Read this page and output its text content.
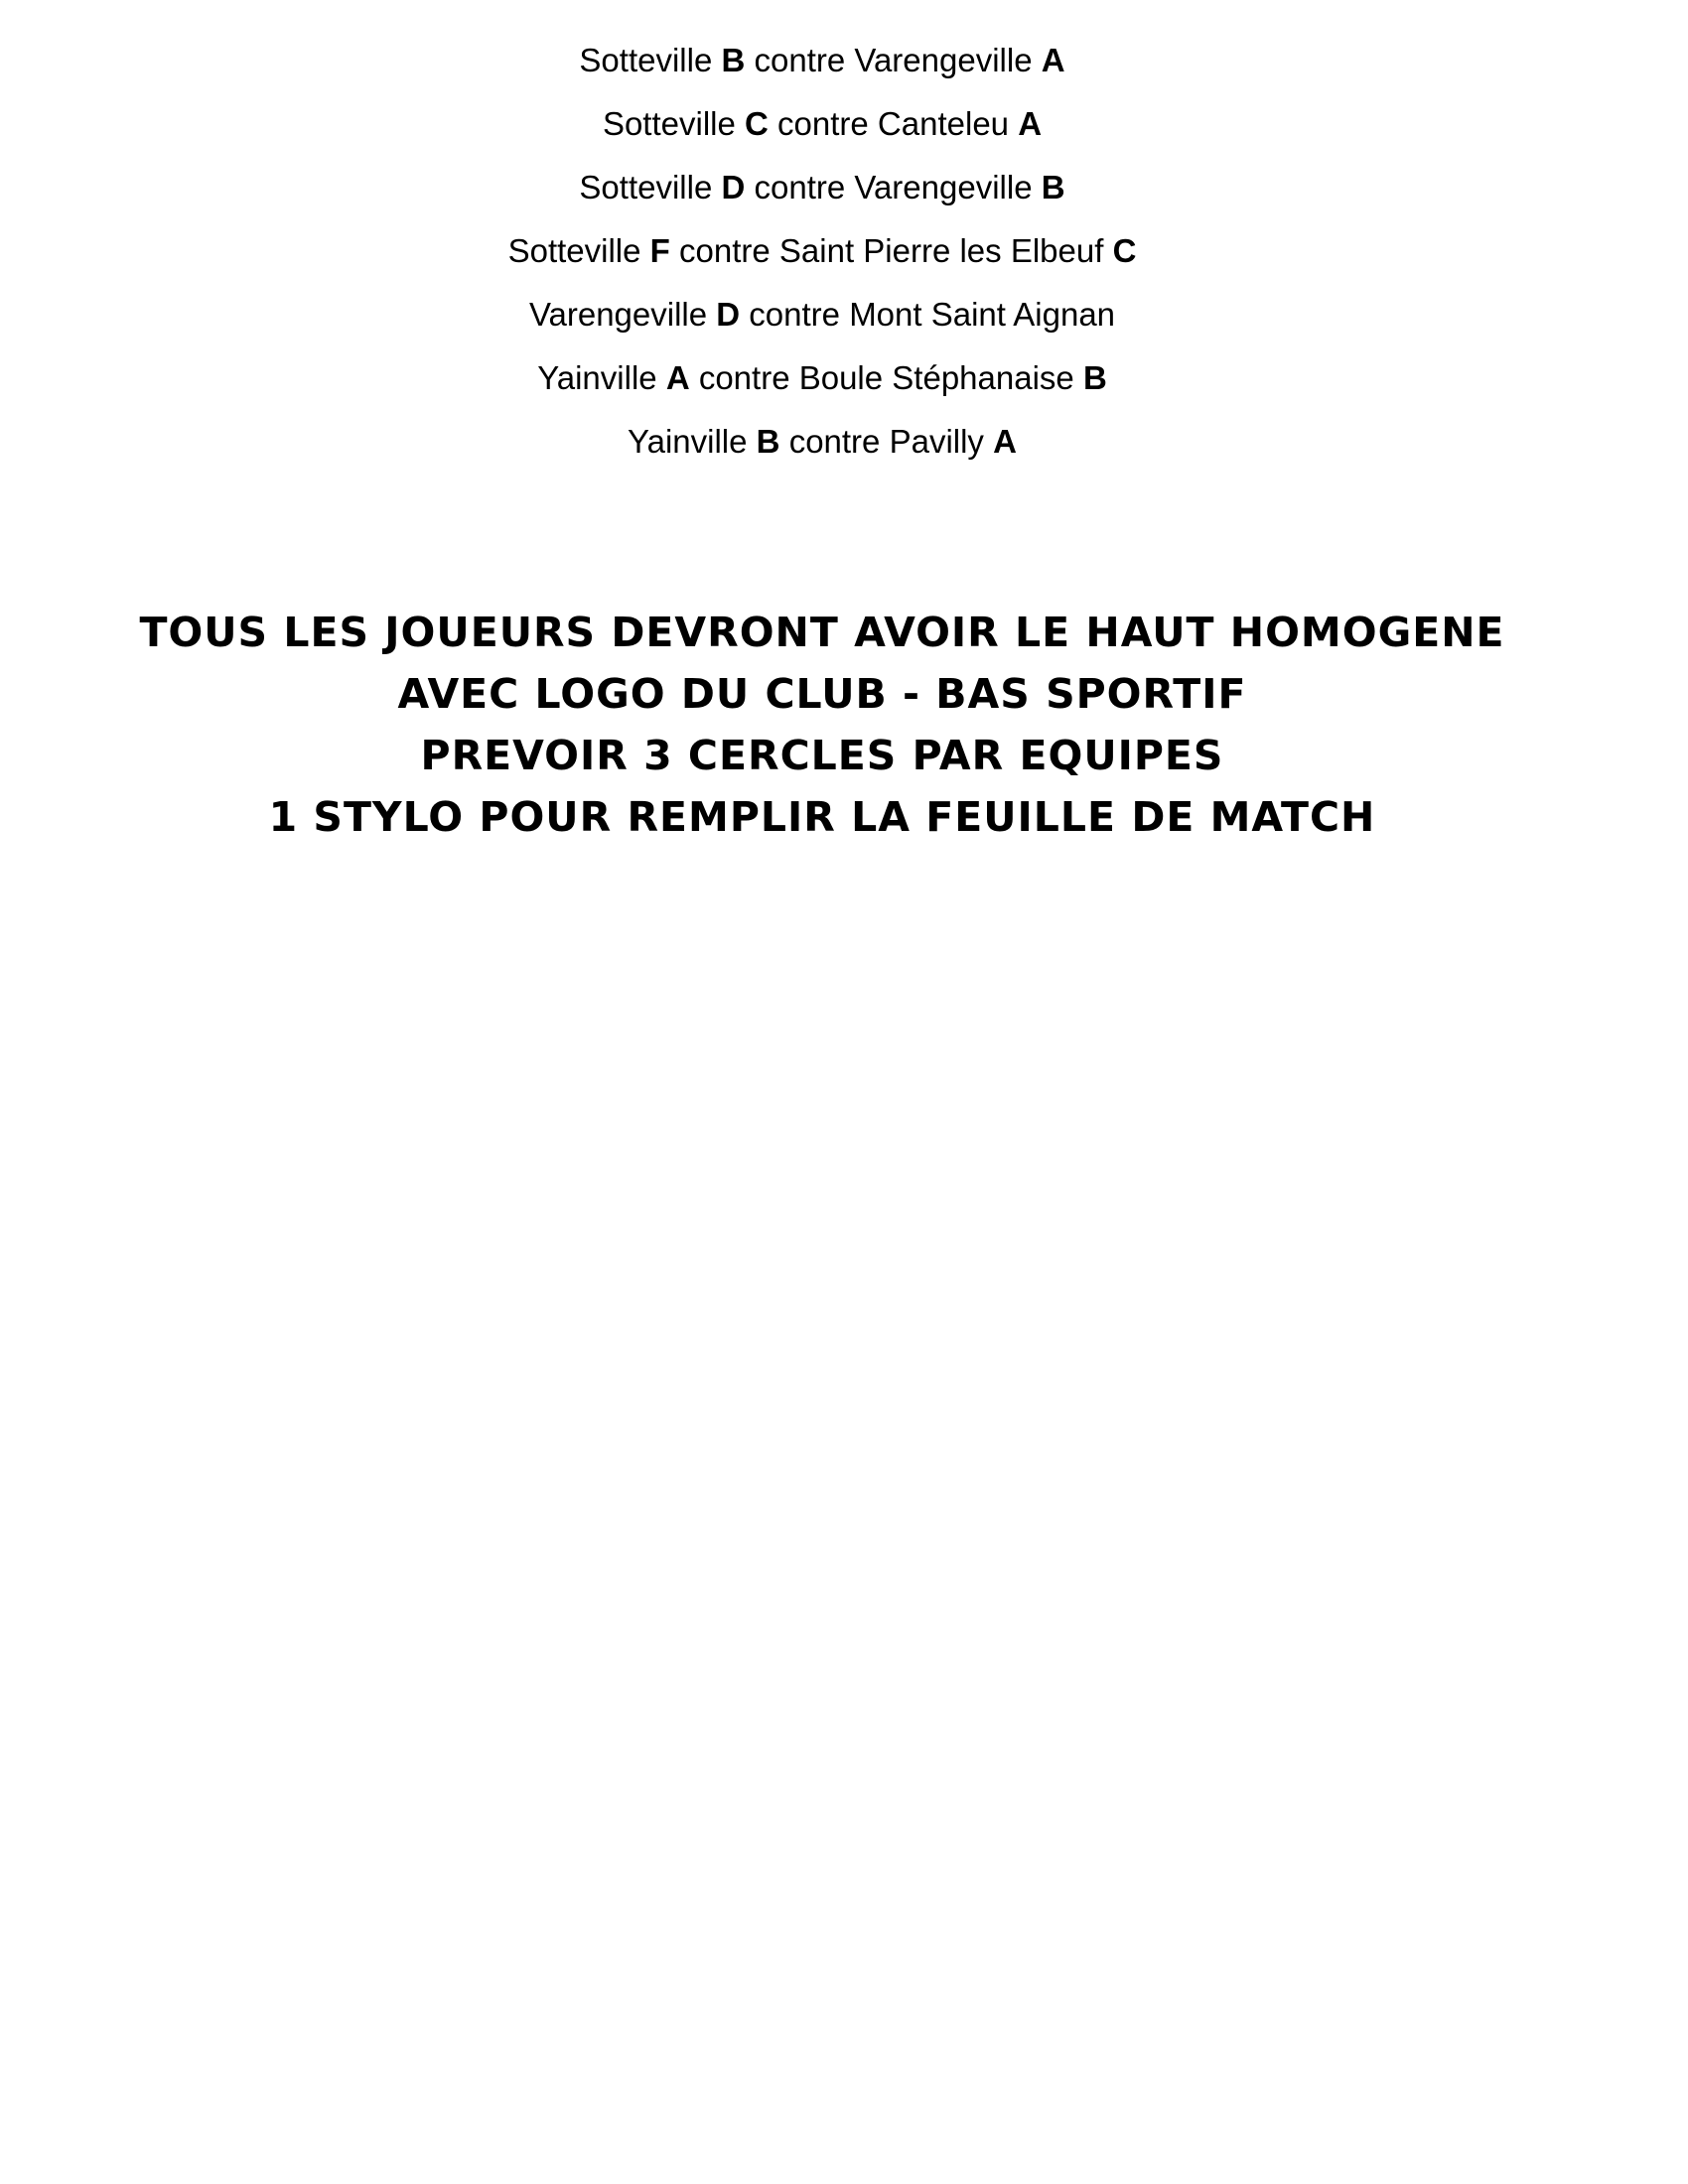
Sotteville B contre Varengeville A
Sotteville C contre Canteleu A
Sotteville D contre Varengeville B
Sotteville F contre Saint Pierre les Elbeuf C
Varengeville D contre Mont Saint Aignan
Yainville A contre Boule Stéphanaise B
Yainville B contre Pavilly A
TOUS LES JOUEURS DEVRONT AVOIR LE HAUT HOMOGENE
AVEC LOGO DU CLUB - BAS SPORTIF
PREVOIR 3 CERCLES PAR EQUIPES
1 STYLO POUR REMPLIR LA FEUILLE DE MATCH
